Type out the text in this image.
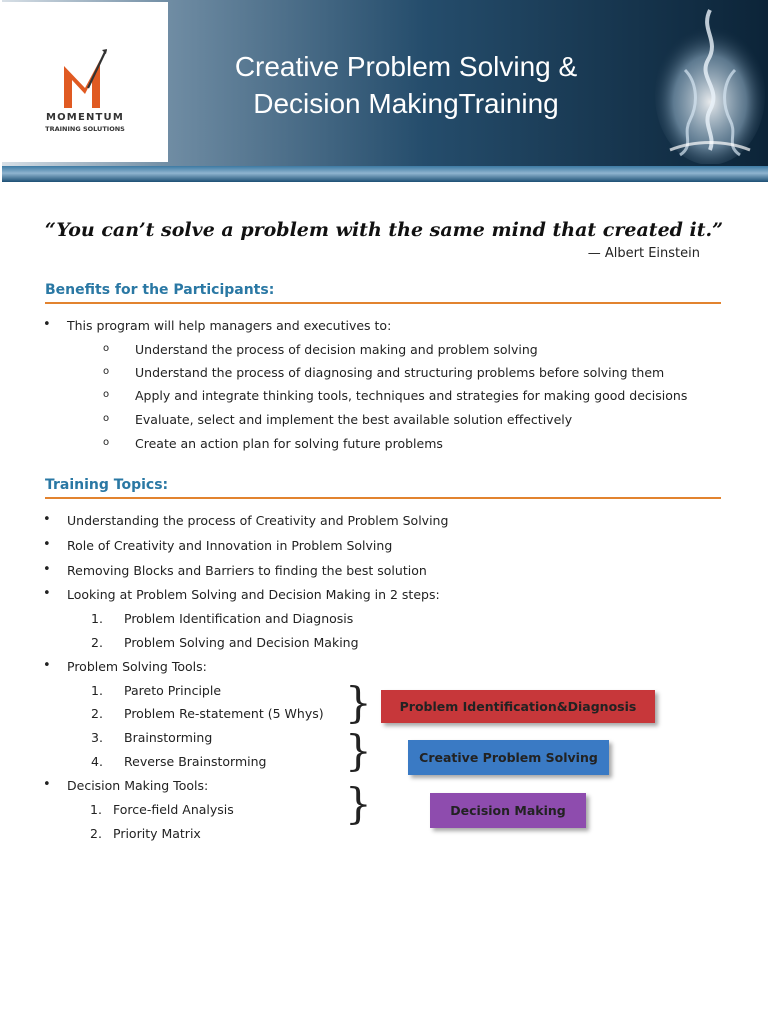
MOMENTUM
TRAINING SOLUTIONS
Creative Problem Solving &
Decision MakingTraining
“You can’t solve a problem with the same mind that created it.”
— Albert Einstein
Benefits for the Participants:
• This program will help managers and executives to:
o Understand the process of decision making and problem solving
o Understand the process of diagnosing and structuring problems before solving them
o Apply and integrate thinking tools, techniques and strategies for making good decisions
o Evaluate, select and implement the best available solution effectively
o Create an action plan for solving future problems
Training Topics:
• Understanding the process of Creativity and Problem Solving
• Role of Creativity and Innovation in Problem Solving
• Removing Blocks and Barriers to finding the best solution
• Looking at Problem Solving and Decision Making in 2 steps:
1. Problem Identification and Diagnosis
2. Problem Solving and Decision Making
• Problem Solving Tools:
1. Pareto Principle
2. Problem Re-statement (5 Whys)
3. Brainstorming
4. Reverse Brainstorming
• Decision Making Tools:
1. Force-field Analysis
2. Priority Matrix
}
}
}
Problem Identification&Diagnosis
Creative Problem Solving
Decision Making
